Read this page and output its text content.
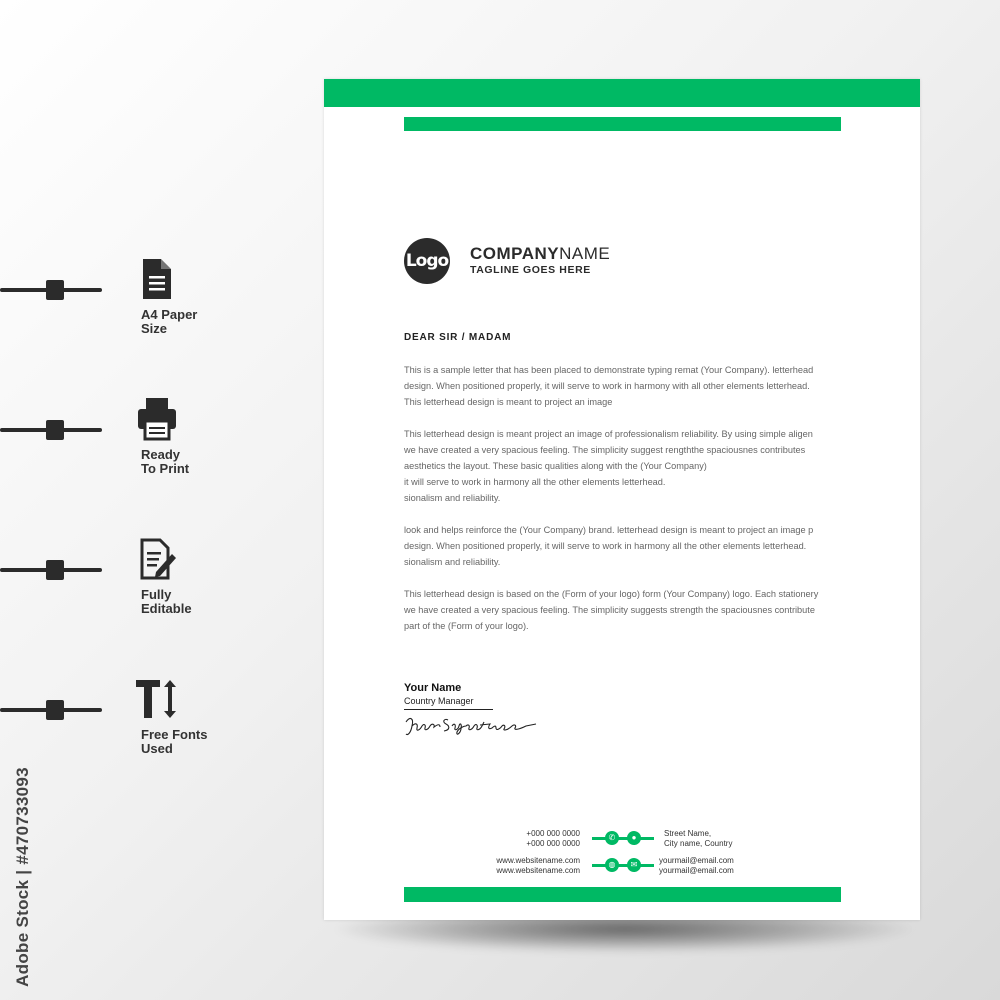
A4 Paper
Size
Ready
To Print
Fully
Editable
Free Fonts
Used
Adobe Stock | #470733093
Logo COMPANYNAME
TAGLINE GOES HERE
DEAR SIR / MADAM
This is a sample letter that has been placed to demonstrate typing remat (Your Company). letterhead
design. When positioned properly, it will serve to work in harmony with all other elements letterhead.
This letterhead design is meant to project an image
This letterhead design is meant project an image of professionalism reliability. By using simple aligen
we have created a very spacious feeling. The simplicity suggest rengththe spaciousnes contributes
aesthetics the layout. These basic qualities along with the (Your Company)
it will serve to work in harmony all the other elements letterhead.
sionalism and reliability.
look and helps reinforce the (Your Company) brand. letterhead design is meant to project an image p
design. When positioned properly, it will serve to work in harmony all the other elements letterhead.
sionalism and reliability.
This letterhead design is based on the (Form of your logo) form (Your Company) logo. Each stationery
we have created a very spacious feeling. The simplicity suggests strength the spaciousnes contribute
part of the (Form of your logo).
Your Name
Country Manager
+000 000 0000
+000 000 0000
www.websitename.com
www.websitename.com
✆	●
◍	✉
Street Name,
City name, Country
yourmail@email.com
yourmail@email.com
